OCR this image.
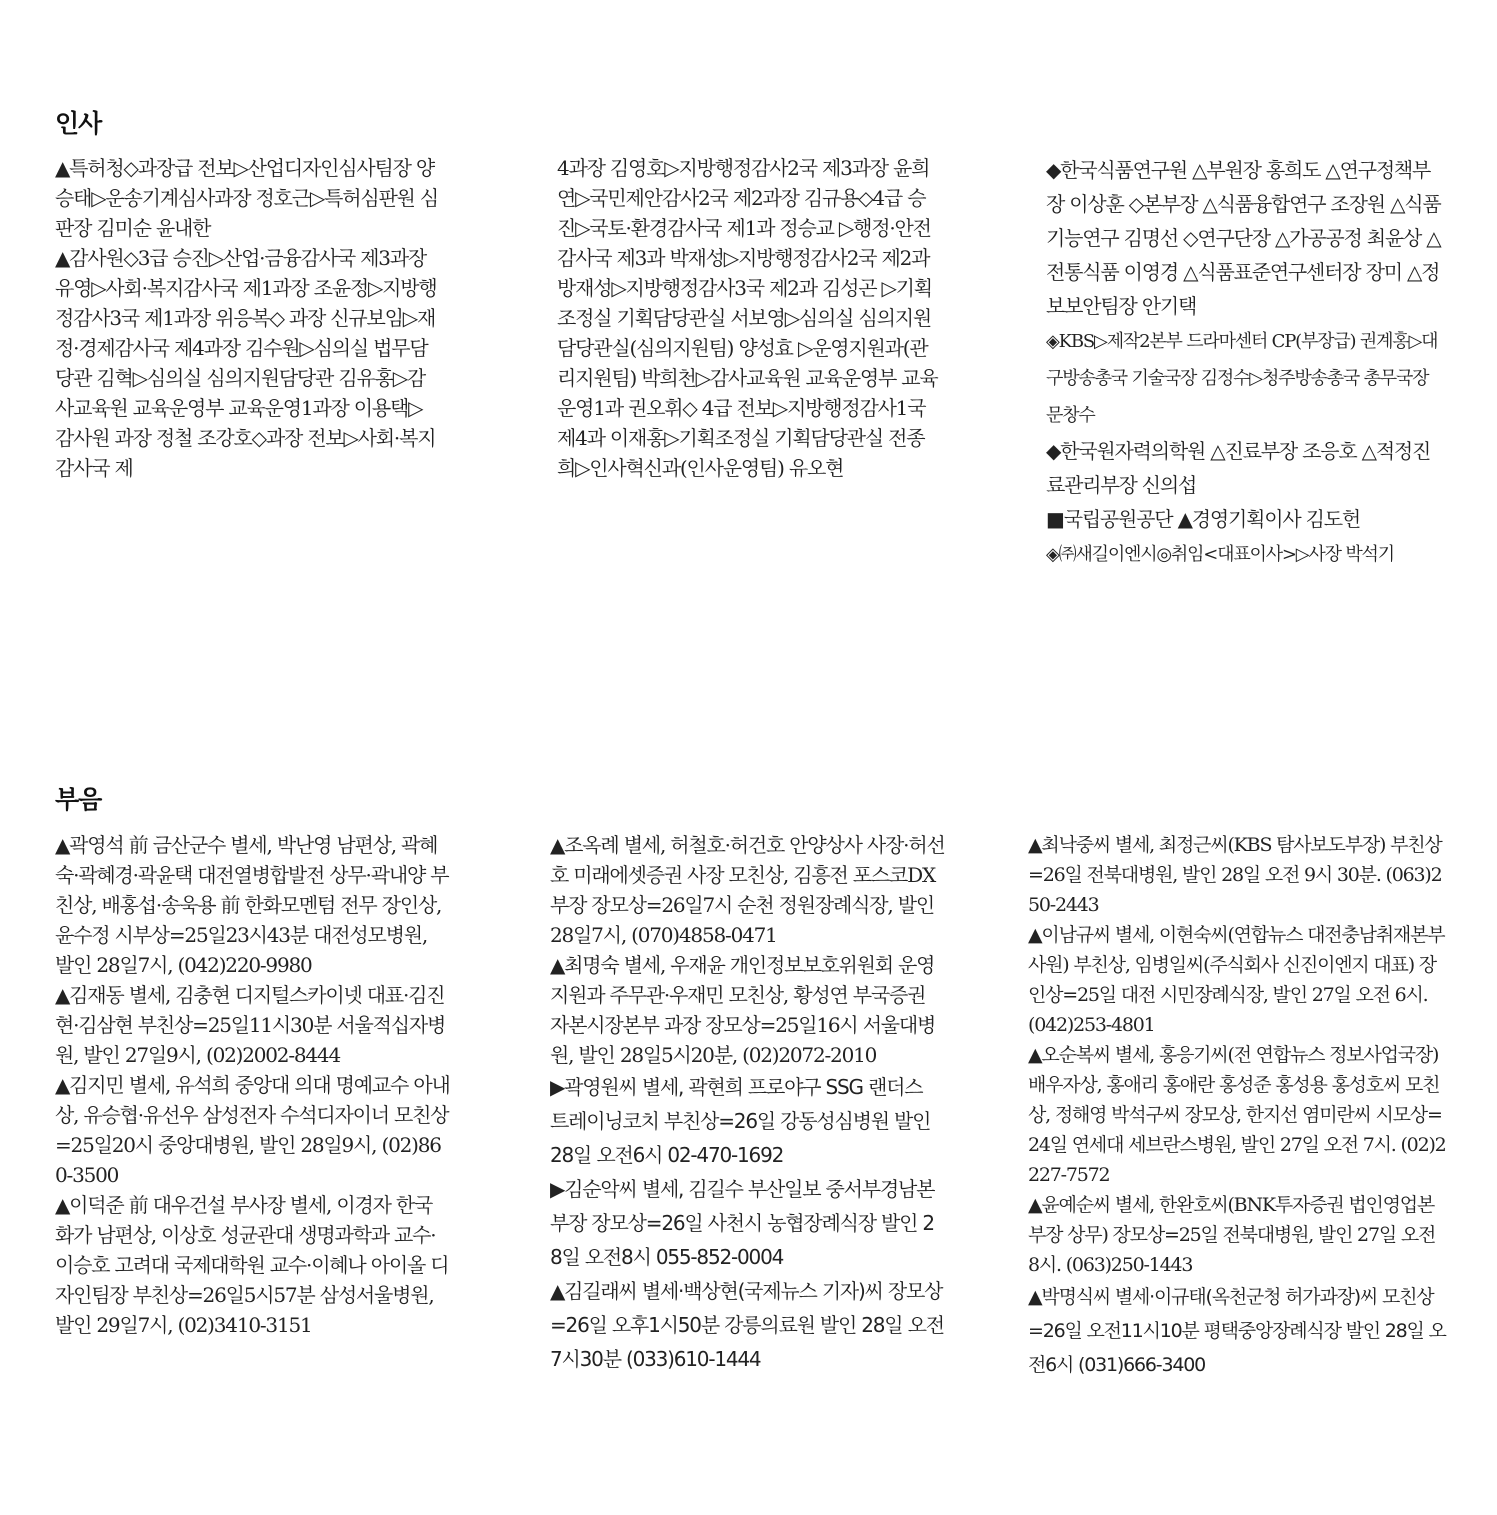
인사

▲특허청◇과장급 전보▷산업디자인심사팀장 양승태▷운송기계심사과장 정호근▷특허심판원 심판장 김미순 윤내한

▲감사원◇3급 승진▷산업·금융감사국 제3과장 유영▷사회·복지감사국 제1과장 조윤정▷지방행정감사3국 제1과장 위응복◇ 과장 신규보임▷재정·경제감사국 제4과장 김수원▷심의실 법무담당관 김혁▷심의실 심의지원담당관 김유홍▷감사교육원 교육운영부 교육운영1과장 이용택▷감사원 과장 정철 조강호◇과장 전보▷사회·복지감사국 제

4과장 김영호▷지방행정감사2국 제3과장 윤희연▷국민제안감사2국 제2과장 김규용◇4급 승진▷국토·환경감사국 제1과 정승교 ▷행정·안전감사국 제3과 박재성▷지방행정감사2국 제2과 방재성▷지방행정감사3국 제2과 김성곤 ▷기획조정실 기획담당관실 서보영▷심의실 심의지원담당관실(심의지원팀) 양성효 ▷운영지원과(관리지원팀) 박희천▷감사교육원 교육운영부 교육운영1과 권오휘◇ 4급 전보▷지방행정감사1국 제4과 이재홍▷기획조정실 기획담당관실 전종희▷인사혁신과(인사운영팀) 유오현

◆한국식품연구원 △부원장 홍희도 △연구정책부장 이상훈 ◇본부장 △식품융합연구 조장원 △식품기능연구 김명선 ◇연구단장 △가공공정 최윤상 △전통식품 이영경 △식품표준연구센터장 장미 △정보보안팀장 안기택

◈KBS▷제작2본부 드라마센터 CP(부장급) 권계홍▷대구방송총국 기술국장 김정수▷청주방송총국 총무국장 문창수

◆한국원자력의학원 △진료부장 조응호 △적정진료관리부장 신의섭

■국립공원공단 ▲경영기획이사 김도헌

◈㈜새길이엔시◎취임<대표이사>▷사장 박석기

부음

▲곽영석 前 금산군수 별세, 박난영 남편상, 곽혜숙·곽혜경·곽윤택 대전열병합발전 상무·곽내양 부친상, 배홍섭·송욱용 前 한화모멘텀 전무 장인상, 윤수정 시부상=25일23시43분 대전성모병원, 발인 28일7시, (042)220-9980

▲김재동 별세, 김충현 디지털스카이넷 대표·김진현·김삼현 부친상=25일11시30분 서울적십자병원, 발인 27일9시, (02)2002-8444

▲김지민 별세, 유석희 중앙대 의대 명예교수 아내상, 유승협·유선우 삼성전자 수석디자이너 모친상=25일20시 중앙대병원, 발인 28일9시, (02)860-3500

▲이덕준 前 대우건설 부사장 별세, 이경자 한국화가 남편상, 이상호 성균관대 생명과학과 교수·이승호 고려대 국제대학원 교수·이혜나 아이올 디자인팀장 부친상=26일5시57분 삼성서울병원, 발인 29일7시, (02)3410-3151

▲조옥례 별세, 허철호·허건호 안양상사 사장·허선호 미래에셋증권 사장 모친상, 김흥전 포스코DX 부장 장모상=26일7시 순천 정원장례식장, 발인 28일7시, (070)4858-0471

▲최명숙 별세, 우재윤 개인정보보호위원회 운영지원과 주무관·우재민 모친상, 황성연 부국증권 자본시장본부 과장 장모상=25일16시 서울대병원, 발인 28일5시20분, (02)2072-2010

▶곽영원씨 별세, 곽현희 프로야구 SSG 랜더스 트레이닝코치 부친상=26일 강동성심병원 발인 28일 오전6시 02-470-1692

▶김순악씨 별세, 김길수 부산일보 중서부경남본부장 장모상=26일 사천시 농협장례식장 발인 28일 오전8시 055-852-0004

▲김길래씨 별세·백상현(국제뉴스 기자)씨 장모상=26일 오후1시50분 강릉의료원 발인 28일 오전7시30분 (033)610-1444

▲최낙중씨 별세, 최정근씨(KBS 탐사보도부장) 부친상=26일 전북대병원, 발인 28일 오전 9시 30분. (063)250-2443

▲이남규씨 별세, 이현숙씨(연합뉴스 대전충남취재본부 사원) 부친상, 임병일씨(주식회사 신진이엔지 대표) 장인상=25일 대전 시민장례식장, 발인 27일 오전 6시. (042)253-4801

▲오순복씨 별세, 홍응기씨(전 연합뉴스 정보사업국장) 배우자상, 홍애리 홍애란 홍성준 홍성용 홍성호씨 모친상, 정해영 박석구씨 장모상, 한지선 염미란씨 시모상=24일 연세대 세브란스병원, 발인 27일 오전 7시. (02)2227-7572

▲윤예순씨 별세, 한완호씨(BNK투자증권 법인영업본부장 상무) 장모상=25일 전북대병원, 발인 27일 오전 8시. (063)250-1443

▲박명식씨 별세·이규태(옥천군청 허가과장)씨 모친상=26일 오전11시10분 평택중앙장례식장 발인 28일 오전6시 (031)666-3400
